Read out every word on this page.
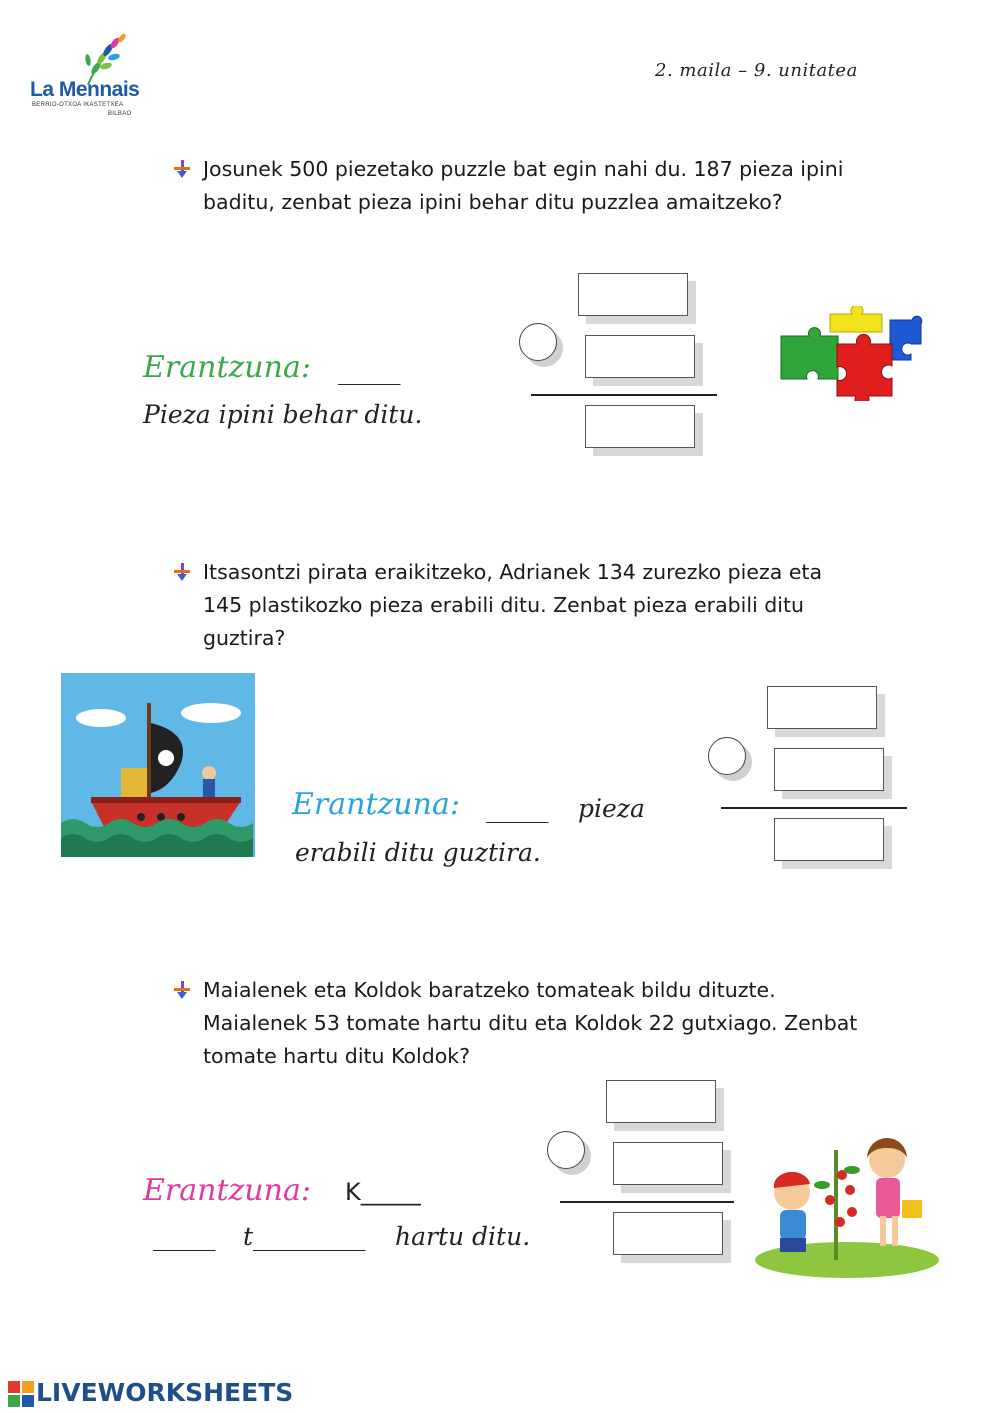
La Mennais
BERRIO-OTXOA IKASTETXEA
BILBAO
2. maila – 9. unitatea
Josunek 500 piezetako puzzle bat egin nahi du. 187 pieza ipini
baditu, zenbat pieza ipini behar ditu puzzlea amaitzeko?
Erantzuna: _____
Pieza ipini behar ditu.
Itsasontzi pirata eraikitzeko, Adrianek 134 zurezko pieza eta
145 plastikozko pieza erabili ditu. Zenbat pieza erabili ditu
guztira?
Erantzuna: _____ pieza
erabili ditu guztira.
Maialenek eta Koldok baratzeko tomateak bildu dituzte.
Maialenek 53 tomate hartu ditu eta Koldok 22 gutxiago. Zenbat
tomate hartu ditu Koldok?
Erantzuna: K_____
_____ t_________ hartu ditu.
LIVEWORKSHEETS
